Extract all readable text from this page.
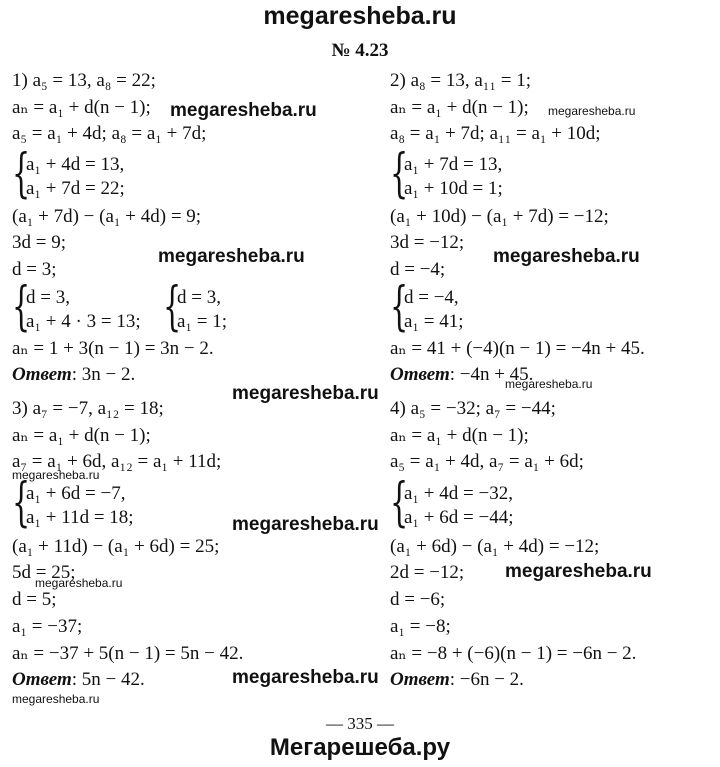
megaresheba.ru
№ 4.23
1) a₅ = 13, a₈ = 22;
aₙ = a₁ + d(n − 1);
a₅ = a₁ + 4d; a₈ = a₁ + 7d;
{
a₁ + 4d = 13,
a₁ + 7d = 22;
(a₁ + 7d) − (a₁ + 4d) = 9;
3d = 9;
d = 3;
{
d = 3,
a₁ + 4 · 3 = 13; {
d = 3,
a₁ = 1;
aₙ = 1 + 3(n − 1) = 3n − 2.
Ответ: 3n − 2.
2) a₈ = 13, a₁₁ = 1;
aₙ = a₁ + d(n − 1);
a₈ = a₁ + 7d; a₁₁ = a₁ + 10d;
{
a₁ + 7d = 13,
a₁ + 10d = 1;
(a₁ + 10d) − (a₁ + 7d) = −12;
3d = −12;
d = −4;
{
d = −4,
a₁ = 41;
aₙ = 41 + (−4)(n − 1) = −4n + 45.
Ответ: −4n + 45.
3) a₇ = −7, a₁₂ = 18;
aₙ = a₁ + d(n − 1);
a₇ = a₁ + 6d, a₁₂ = a₁ + 11d;
{
a₁ + 6d = −7,
a₁ + 11d = 18;
(a₁ + 11d) − (a₁ + 6d) = 25;
5d = 25;
d = 5;
a₁ = −37;
aₙ = −37 + 5(n − 1) = 5n − 42.
Ответ: 5n − 42.
4) a₅ = −32; a₇ = −44;
aₙ = a₁ + d(n − 1);
a₅ = a₁ + 4d, a₇ = a₁ + 6d;
{
a₁ + 4d = −32,
a₁ + 6d = −44;
(a₁ + 6d) − (a₁ + 4d) = −12;
2d = −12;
d = −6;
a₁ = −8;
aₙ = −8 + (−6)(n − 1) = −6n − 2.
Ответ: −6n − 2.
megaresheba.ru	megaresheba.ru
megaresheba.ru	megaresheba.ru
megaresheba.ru	megaresheba.ru
megaresheba.ru
megaresheba.ru
megaresheba.ru
megaresheba.ru
megaresheba.ru
megaresheba.ru
— 335 —
Мегарешеба.ру
